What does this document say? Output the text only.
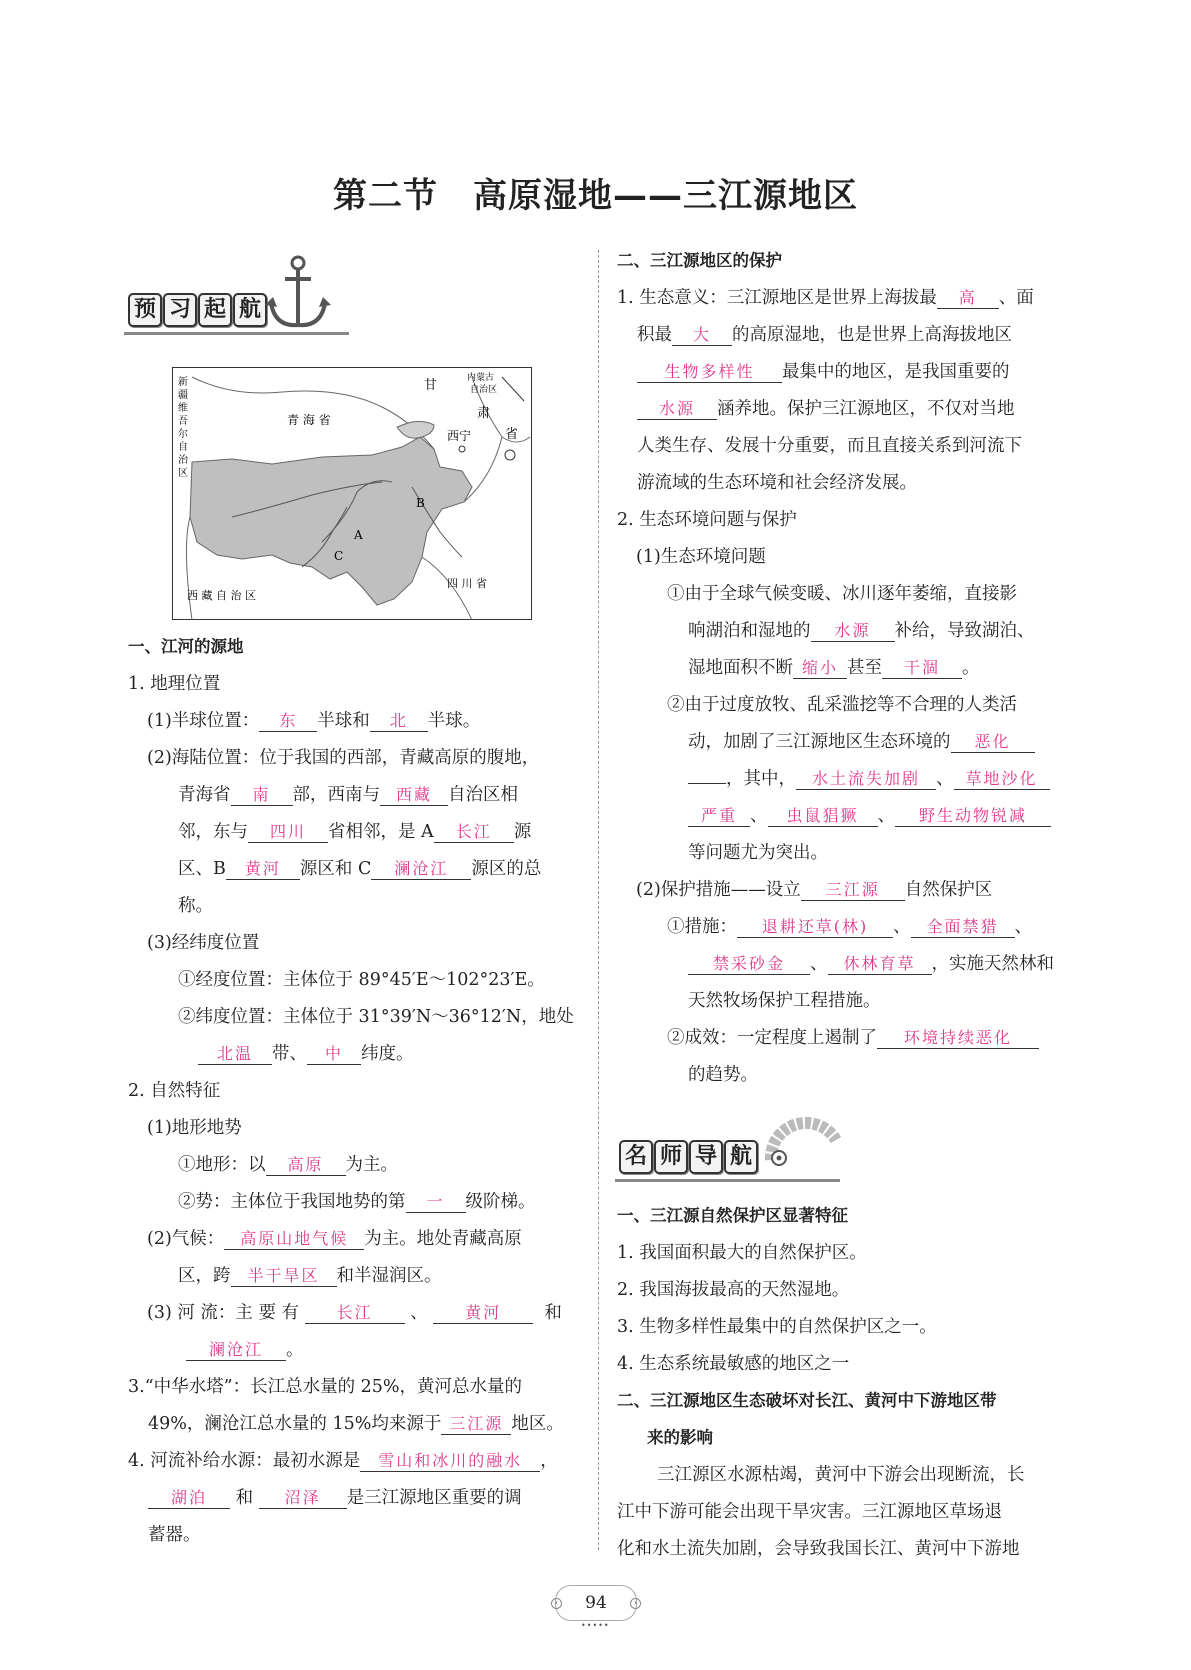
第二节　高原湿地——三江源地区
预 习 起 航
新
疆
维
吾
尔
自
治
区
甘
肃
内蒙古
自治区
青 海 省
西宁	省
A
B
C
西 藏 自 治 区
四 川 省
一、江河的源地
1. 地理位置
(1)半球位置： 东 半球和 北 半球。
(2)海陆位置：位于我国的西部，青藏高原的腹地，
青海省 南 部，西南与 西藏 自治区相
邻，东与 四川 省相邻，是 A 长江 源
区、B 黄河 源区和 C 澜沧江 源区的总
称。
(3)经纬度位置
①经度位置：主体位于 89°45′E～102°23′E。
②纬度位置：主体位于 31°39′N～36°12′N，地处
北温 带、 中 纬度。
2. 自然特征
(1)地形地势
①地形：以 高原 为主。
②势：主体位于我国地势的第 一 级阶梯。
(2)气候： 高原山地气候 为主。地处青藏高原
区，跨 半干旱区 和半湿润区。
(3) 河 流：主 要 有 长江 、 黄河 和
澜沧江 。
3.“中华水塔”：长江总水量的 25%，黄河总水量的
49%，澜沧江总水量的 15%均来源于 三江源 地区。
4. 河流补给水源：最初水源是 雪山和冰川的融水 ，
湖泊 和 沼泽 是三江源地区重要的调
蓄器。
二、三江源地区的保护
1. 生态意义：三江源地区是世界上海拔最 高 、面
积最 大 的高原湿地，也是世界上高海拔地区
生物多样性 最集中的地区，是我国重要的
水源 涵养地。保护三江源地区，不仅对当地
人类生存、发展十分重要，而且直接关系到河流下
游流域的生态环境和社会经济发展。
2. 生态环境问题与保护
(1)生态环境问题
①由于全球气候变暖、冰川逐年萎缩，直接影
响湖泊和湿地的 水源 补给，导致湖泊、
湿地面积不断 缩小 甚至 干涸 。
②由于过度放牧、乱采滥挖等不合理的人类活
动，加剧了三江源地区生态环境的 恶化
，其中， 水土流失加剧 、 草地沙化
严重 、 虫鼠猖獗 、 野生动物锐减
等问题尤为突出。
(2)保护措施——设立 三江源 自然保护区
①措施： 退耕还草(林) 、 全面禁猎 、
禁采砂金 、 休林育草 ，实施天然林和
天然牧场保护工程措施。
②成效：一定程度上遏制了 环境持续恶化
的趋势。
名 师 导 航
一、三江源自然保护区显著特征
1. 我国面积最大的自然保护区。
2. 我国海拔最高的天然湿地。
3. 生物多样性最集中的自然保护区之一。
4. 生态系统最敏感的地区之一
二、三江源地区生态破坏对长江、黄河中下游地区带
来的影响
三江源区水源枯竭，黄河中下游会出现断流，长
江中下游可能会出现干旱灾害。三江源地区草场退
化和水土流失加剧，会导致我国长江、黄河中下游地
‹ 94	›
•••••
